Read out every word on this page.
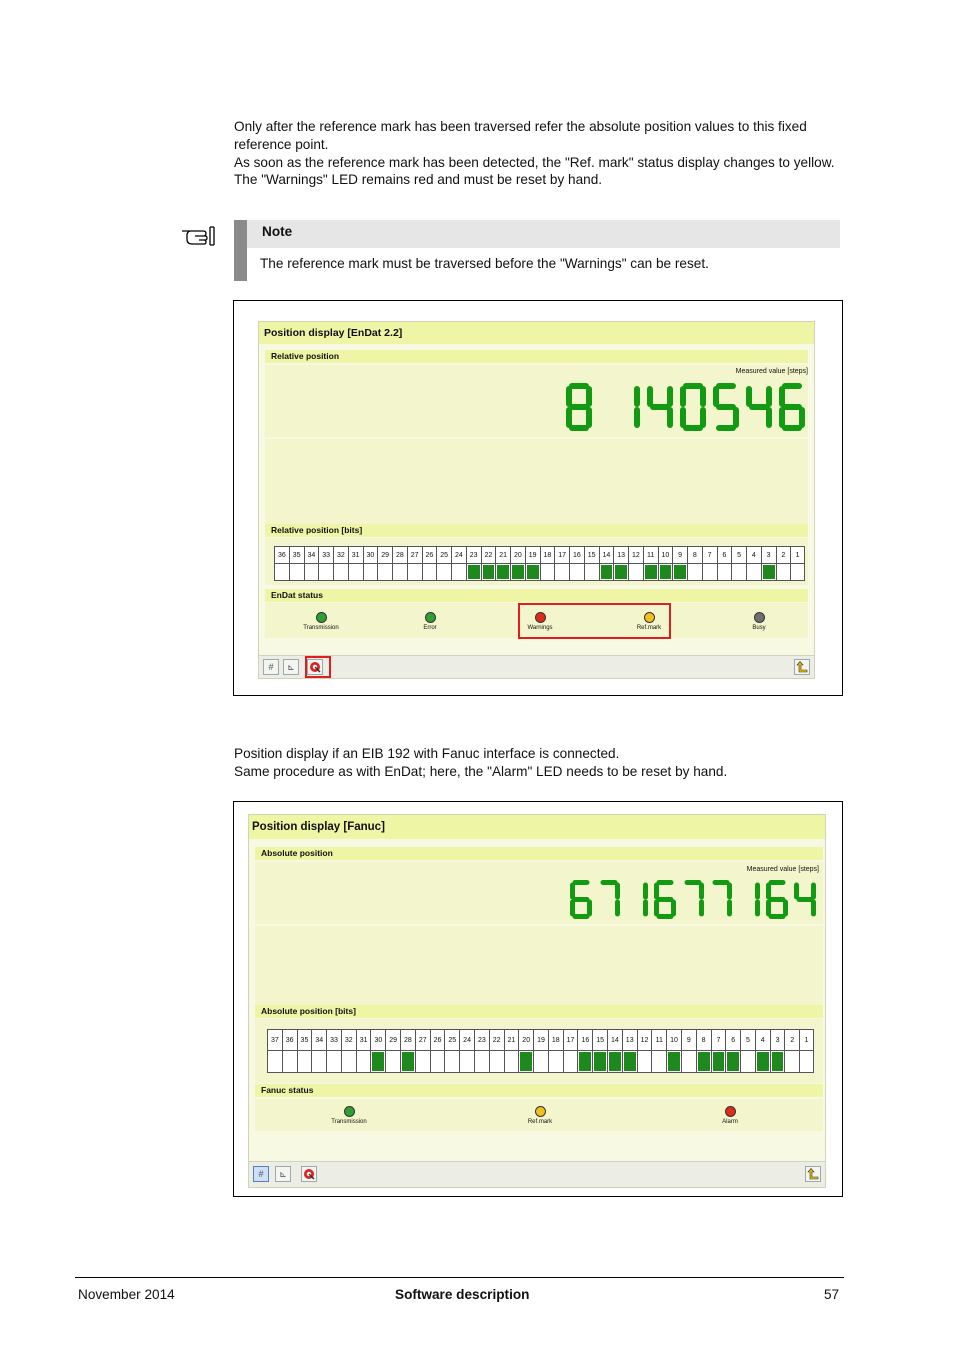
Only after the reference mark has been traversed refer the absolute position values to this fixed reference point.

As soon as the reference mark has been detected, the "Ref. mark" status display changes to yellow.

The "Warnings" LED remains red and must be reset by hand.

Note
The reference mark must be traversed before the "Warnings" can be reset.
Position display [EnDat 2.2]
Relative position
Measured value [steps]
Relative position [bits]
36 35 34 33 32 31 30 29 28 27 26 25 24 23 22 21 20 19 18 17 16 15 14 13 12	11	10	9	8	7	6	5	4	3	2	1
EnDat status
Transmission	Error	Warnings	Ref.mark	Busy
#	⊾

Position display if an EIB 192 with Fanuc interface is connected.

Same procedure as with EnDat; here, the "Alarm" LED needs to be reset by hand.

Position display [Fanuc]
Absolute position
Measured value [steps]
Absolute position [bits]
37 36 35 34 33 32	31 30 29 28 27 26	25 24 23 22 21 20	19 18 17 16 15 14	13 12	11	10	9	8	7	6	5	4	3	2	1
Fanuc status
Transmission	Ref.mark	Alarm
#	⊾
November 2014	Software description	57
